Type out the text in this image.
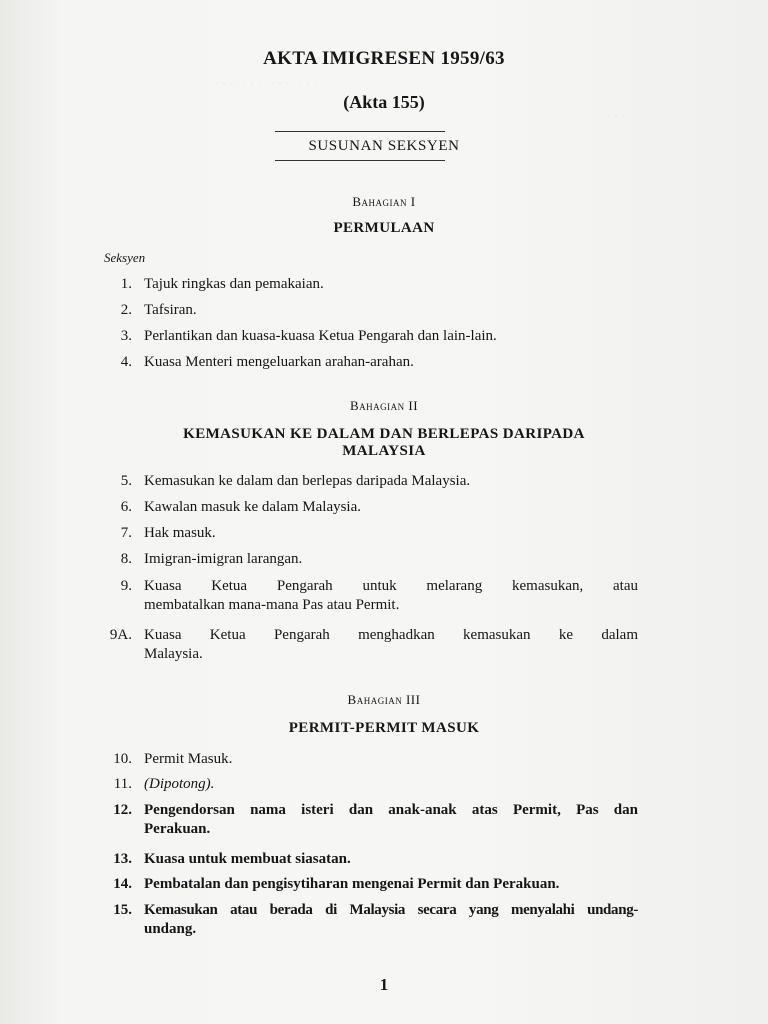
· · · · · · · · · · · · · · · ·
· · · ·
AKTA IMIGRESEN 1959/63
(Akta 155)
SUSUNAN SEKSYEN
Bahagian I
PERMULAAN
Seksyen
1. Tajuk ringkas dan pemakaian.
2. Tafsiran.
3. Perlantikan dan kuasa-kuasa Ketua Pengarah dan lain-lain.
4. Kuasa Menteri mengeluarkan arahan-arahan.
Bahagian II
KEMASUKAN KE DALAM DAN BERLEPAS DARIPADA
MALAYSIA
5. Kemasukan ke dalam dan berlepas daripada Malaysia.
6. Kawalan masuk ke dalam Malaysia.
7. Hak masuk.
8. Imigran-imigran larangan.
9. Kuasa Ketua Pengarah untuk melarang kemasukan, atau
membatalkan mana-mana Pas atau Permit.
9A. Kuasa Ketua Pengarah menghadkan kemasukan ke dalam
Malaysia.
Bahagian III
PERMIT-PERMIT MASUK
10. Permit Masuk.
11. (Dipotong).
12. Pengendorsan nama isteri dan anak-anak atas Permit, Pas dan
Perakuan.
13. Kuasa untuk membuat siasatan.
14. Pembatalan dan pengisytiharan mengenai Permit dan Perakuan.
15. Kemasukan atau berada di Malaysia secara yang menyalahi undang-
undang.
1
